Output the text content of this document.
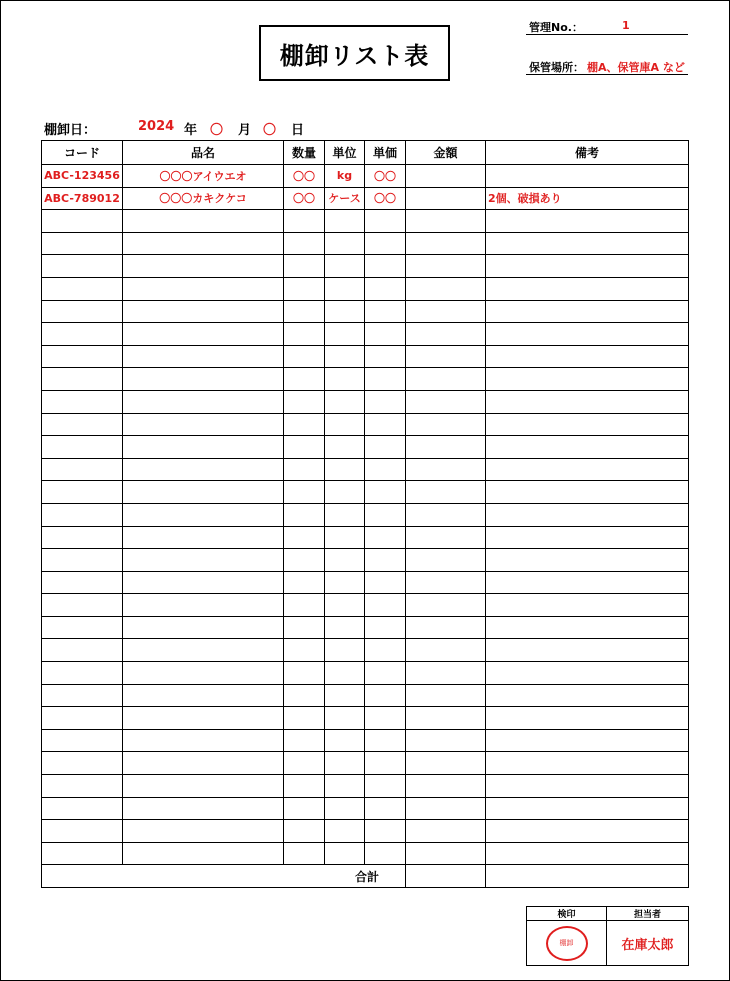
棚卸リスト表
管理No.：	1
保管場所： 棚A、保管庫A など
棚卸日：	2024 年 〇 月 〇 日
コード	品名	数量	単位	単価	金額	備考
ABC-123456	〇〇〇アイウエオ	〇〇	kg	〇〇		
ABC-789012	〇〇〇カキクケコ	〇〇	ケース	〇〇		2個、破損あり

合計						
検印	担当者
棚卸	在庫太郎
